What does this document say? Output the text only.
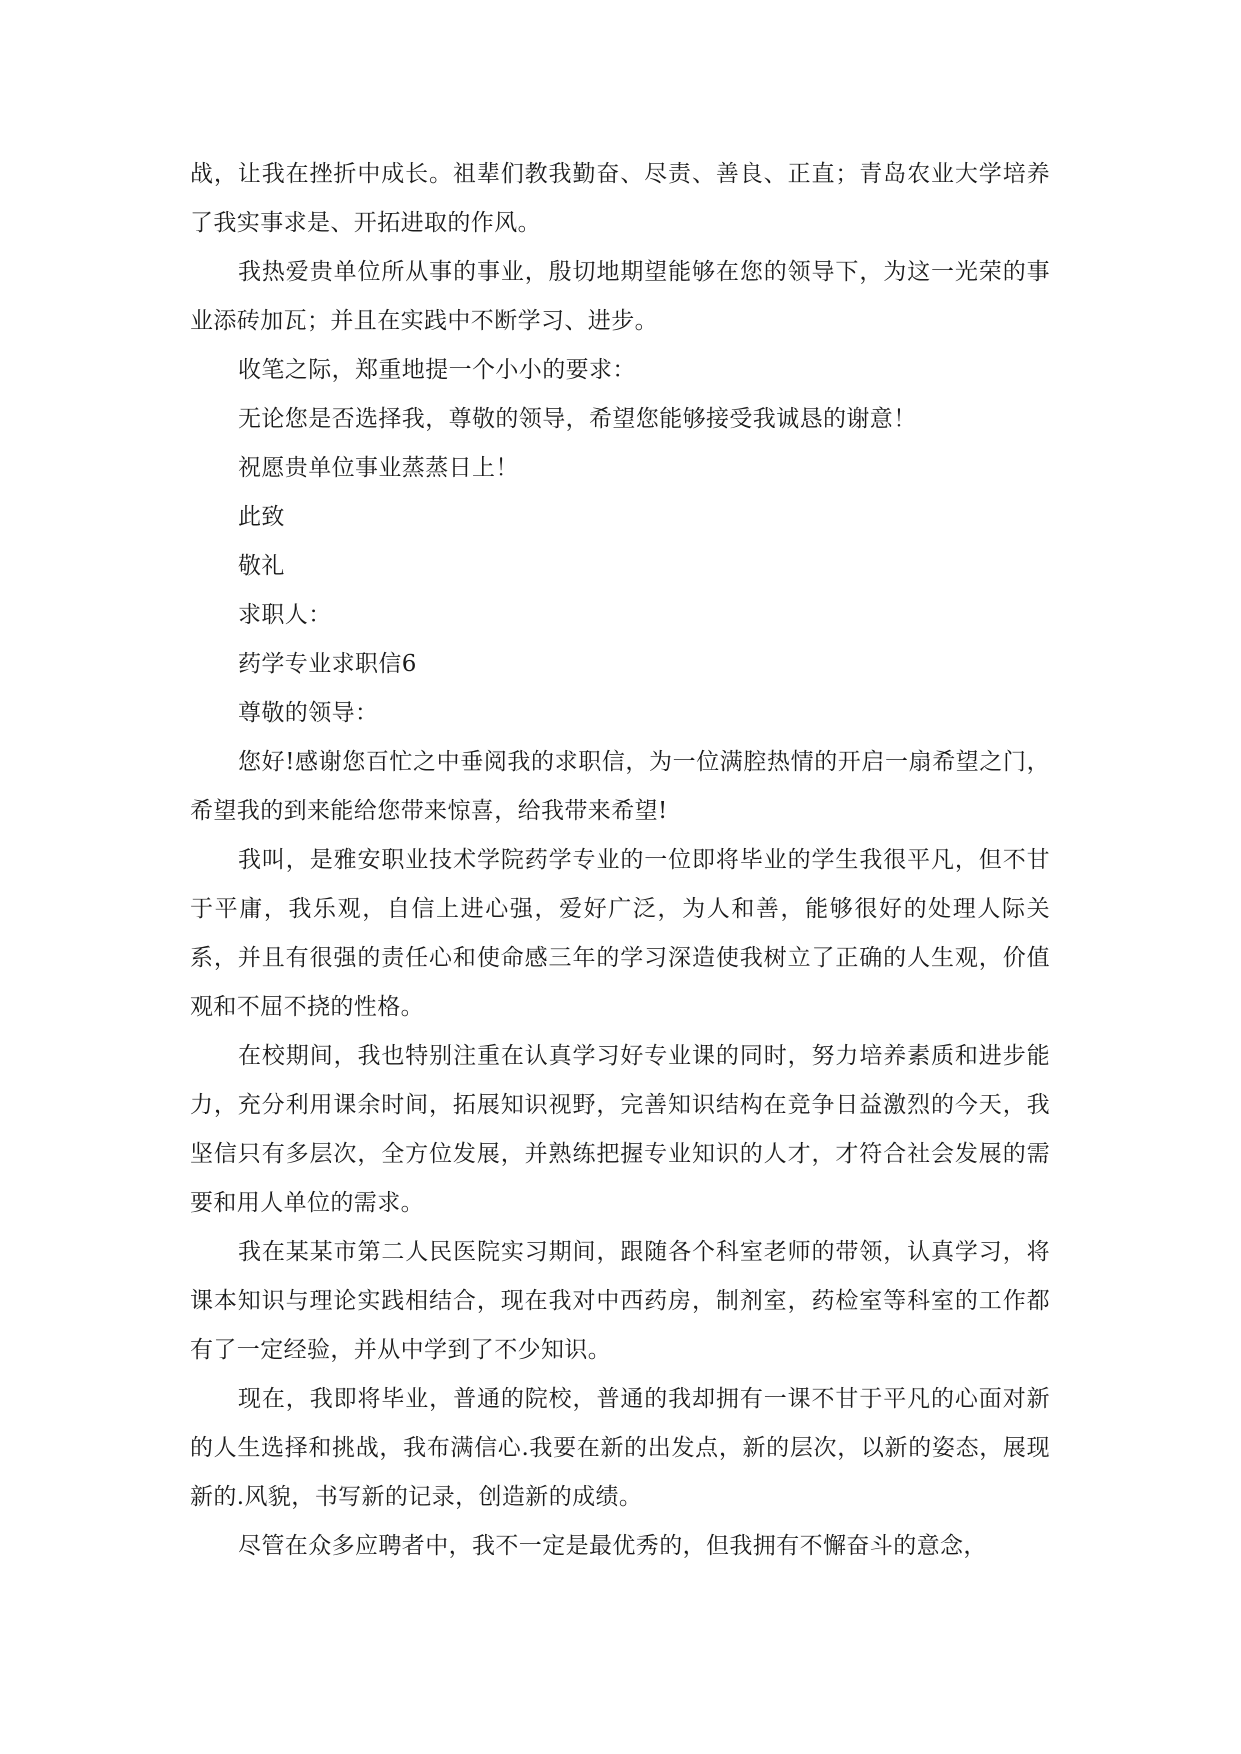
战，让我在挫折中成长。祖辈们教我勤奋、尽责、善良、正直；青岛农业大学培养了我实事求是、开拓进取的作风。

我热爱贵单位所从事的事业，殷切地期望能够在您的领导下，为这一光荣的事业添砖加瓦；并且在实践中不断学习、进步。

收笔之际，郑重地提一个小小的要求：

无论您是否选择我，尊敬的领导，希望您能够接受我诚恳的谢意！

祝愿贵单位事业蒸蒸日上！

此致

敬礼

求职人：

药学专业求职信6

尊敬的领导：

您好!感谢您百忙之中垂阅我的求职信，为一位满腔热情的开启一扇希望之门，希望我的到来能给您带来惊喜，给我带来希望!

我叫，是雅安职业技术学院药学专业的一位即将毕业的学生我很平凡，但不甘于平庸，我乐观，自信上进心强，爱好广泛，为人和善，能够很好的处理人际关系，并且有很强的责任心和使命感三年的学习深造使我树立了正确的人生观，价值观和不屈不挠的性格。

在校期间，我也特别注重在认真学习好专业课的同时，努力培养素质和进步能力，充分利用课余时间，拓展知识视野，完善知识结构在竞争日益激烈的今天，我坚信只有多层次，全方位发展，并熟练把握专业知识的人才，才符合社会发展的需要和用人单位的需求。

我在某某市第二人民医院实习期间，跟随各个科室老师的带领，认真学习，将课本知识与理论实践相结合，现在我对中西药房，制剂室，药检室等科室的工作都有了一定经验，并从中学到了不少知识。

现在，我即将毕业，普通的院校，普通的我却拥有一课不甘于平凡的心面对新的人生选择和挑战，我布满信心.我要在新的出发点，新的层次，以新的姿态，展现新的.风貌，书写新的记录，创造新的成绩。

尽管在众多应聘者中，我不一定是最优秀的，但我拥有不懈奋斗的意念，
